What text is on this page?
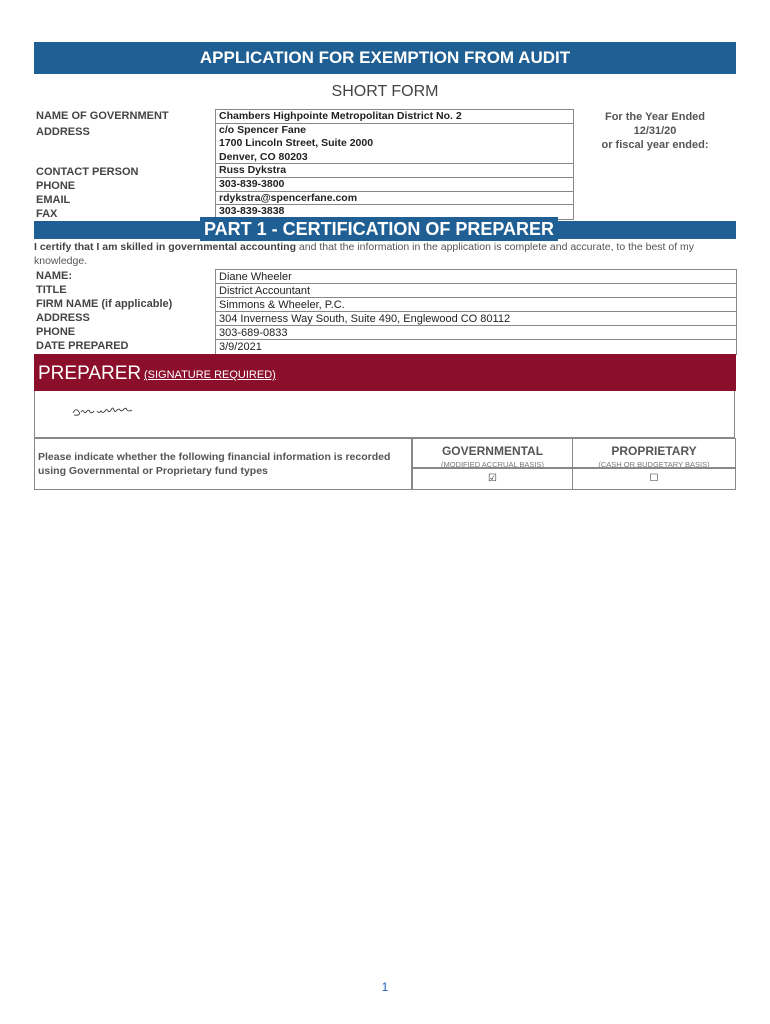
APPLICATION FOR EXEMPTION FROM AUDIT
SHORT FORM
NAME OF GOVERNMENT
ADDRESS
CONTACT PERSON
PHONE
EMAIL
FAX
Chambers Highpointe Metropolitan District No. 2
c/o Spencer Fane
1700 Lincoln Street, Suite 2000
Denver, CO 80203
Russ Dykstra
303-839-3800
rdykstra@spencerfane.com
303-839-3838
For the Year Ended
12/31/20
or fiscal year ended:
PART 1 - CERTIFICATION OF PREPARER
I certify that I am skilled in governmental accounting and that the information in the application is complete and accurate, to the best of my knowledge.
NAME:
TITLE
FIRM NAME (if applicable)
ADDRESS
PHONE
DATE PREPARED
Diane Wheeler
District Accountant
Simmons & Wheeler, P.C.
304 Inverness Way South, Suite 490, Englewood CO 80112
303-689-0833
3/9/2021
PREPARER (SIGNATURE REQUIRED)
Please indicate whether the following financial information is recorded using Governmental or Proprietary fund types
GOVERNMENTAL
(MODIFIED ACCRUAL BASIS)
PROPRIETARY
(CASH OR BUDGETARY BASIS)
☑	☐
1
